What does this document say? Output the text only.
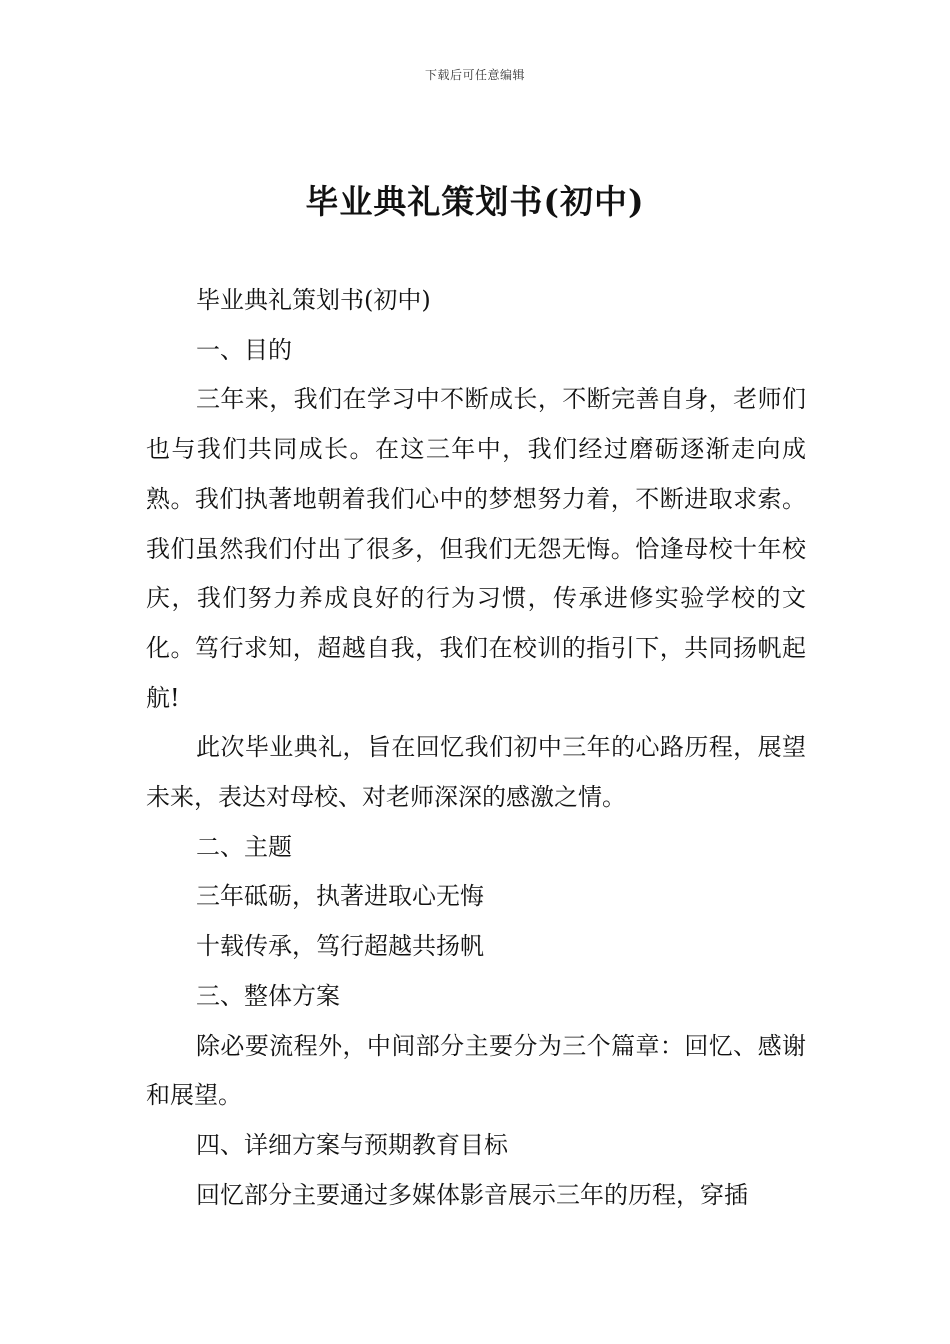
下载后可任意编辑
毕业典礼策划书(初中)

毕业典礼策划书(初中)

一、目的

三年来，我们在学习中不断成长，不断完善自身，老师们也与我们共同成长。在这三年中，我们经过磨砺逐渐走向成熟。我们执著地朝着我们心中的梦想努力着，不断进取求索。我们虽然我们付出了很多，但我们无怨无悔。恰逢母校十年校庆，我们努力养成良好的行为习惯，传承进修实验学校的文化。笃行求知，超越自我，我们在校训的指引下，共同扬帆起航!

此次毕业典礼，旨在回忆我们初中三年的心路历程，展望未来，表达对母校、对老师深深的感激之情。

二、主题

三年砥砺，执著进取心无悔

十载传承，笃行超越共扬帆

三、整体方案

除必要流程外，中间部分主要分为三个篇章：回忆、感谢和展望。

四、详细方案与预期教育目标

回忆部分主要通过多媒体影音展示三年的历程，穿插
